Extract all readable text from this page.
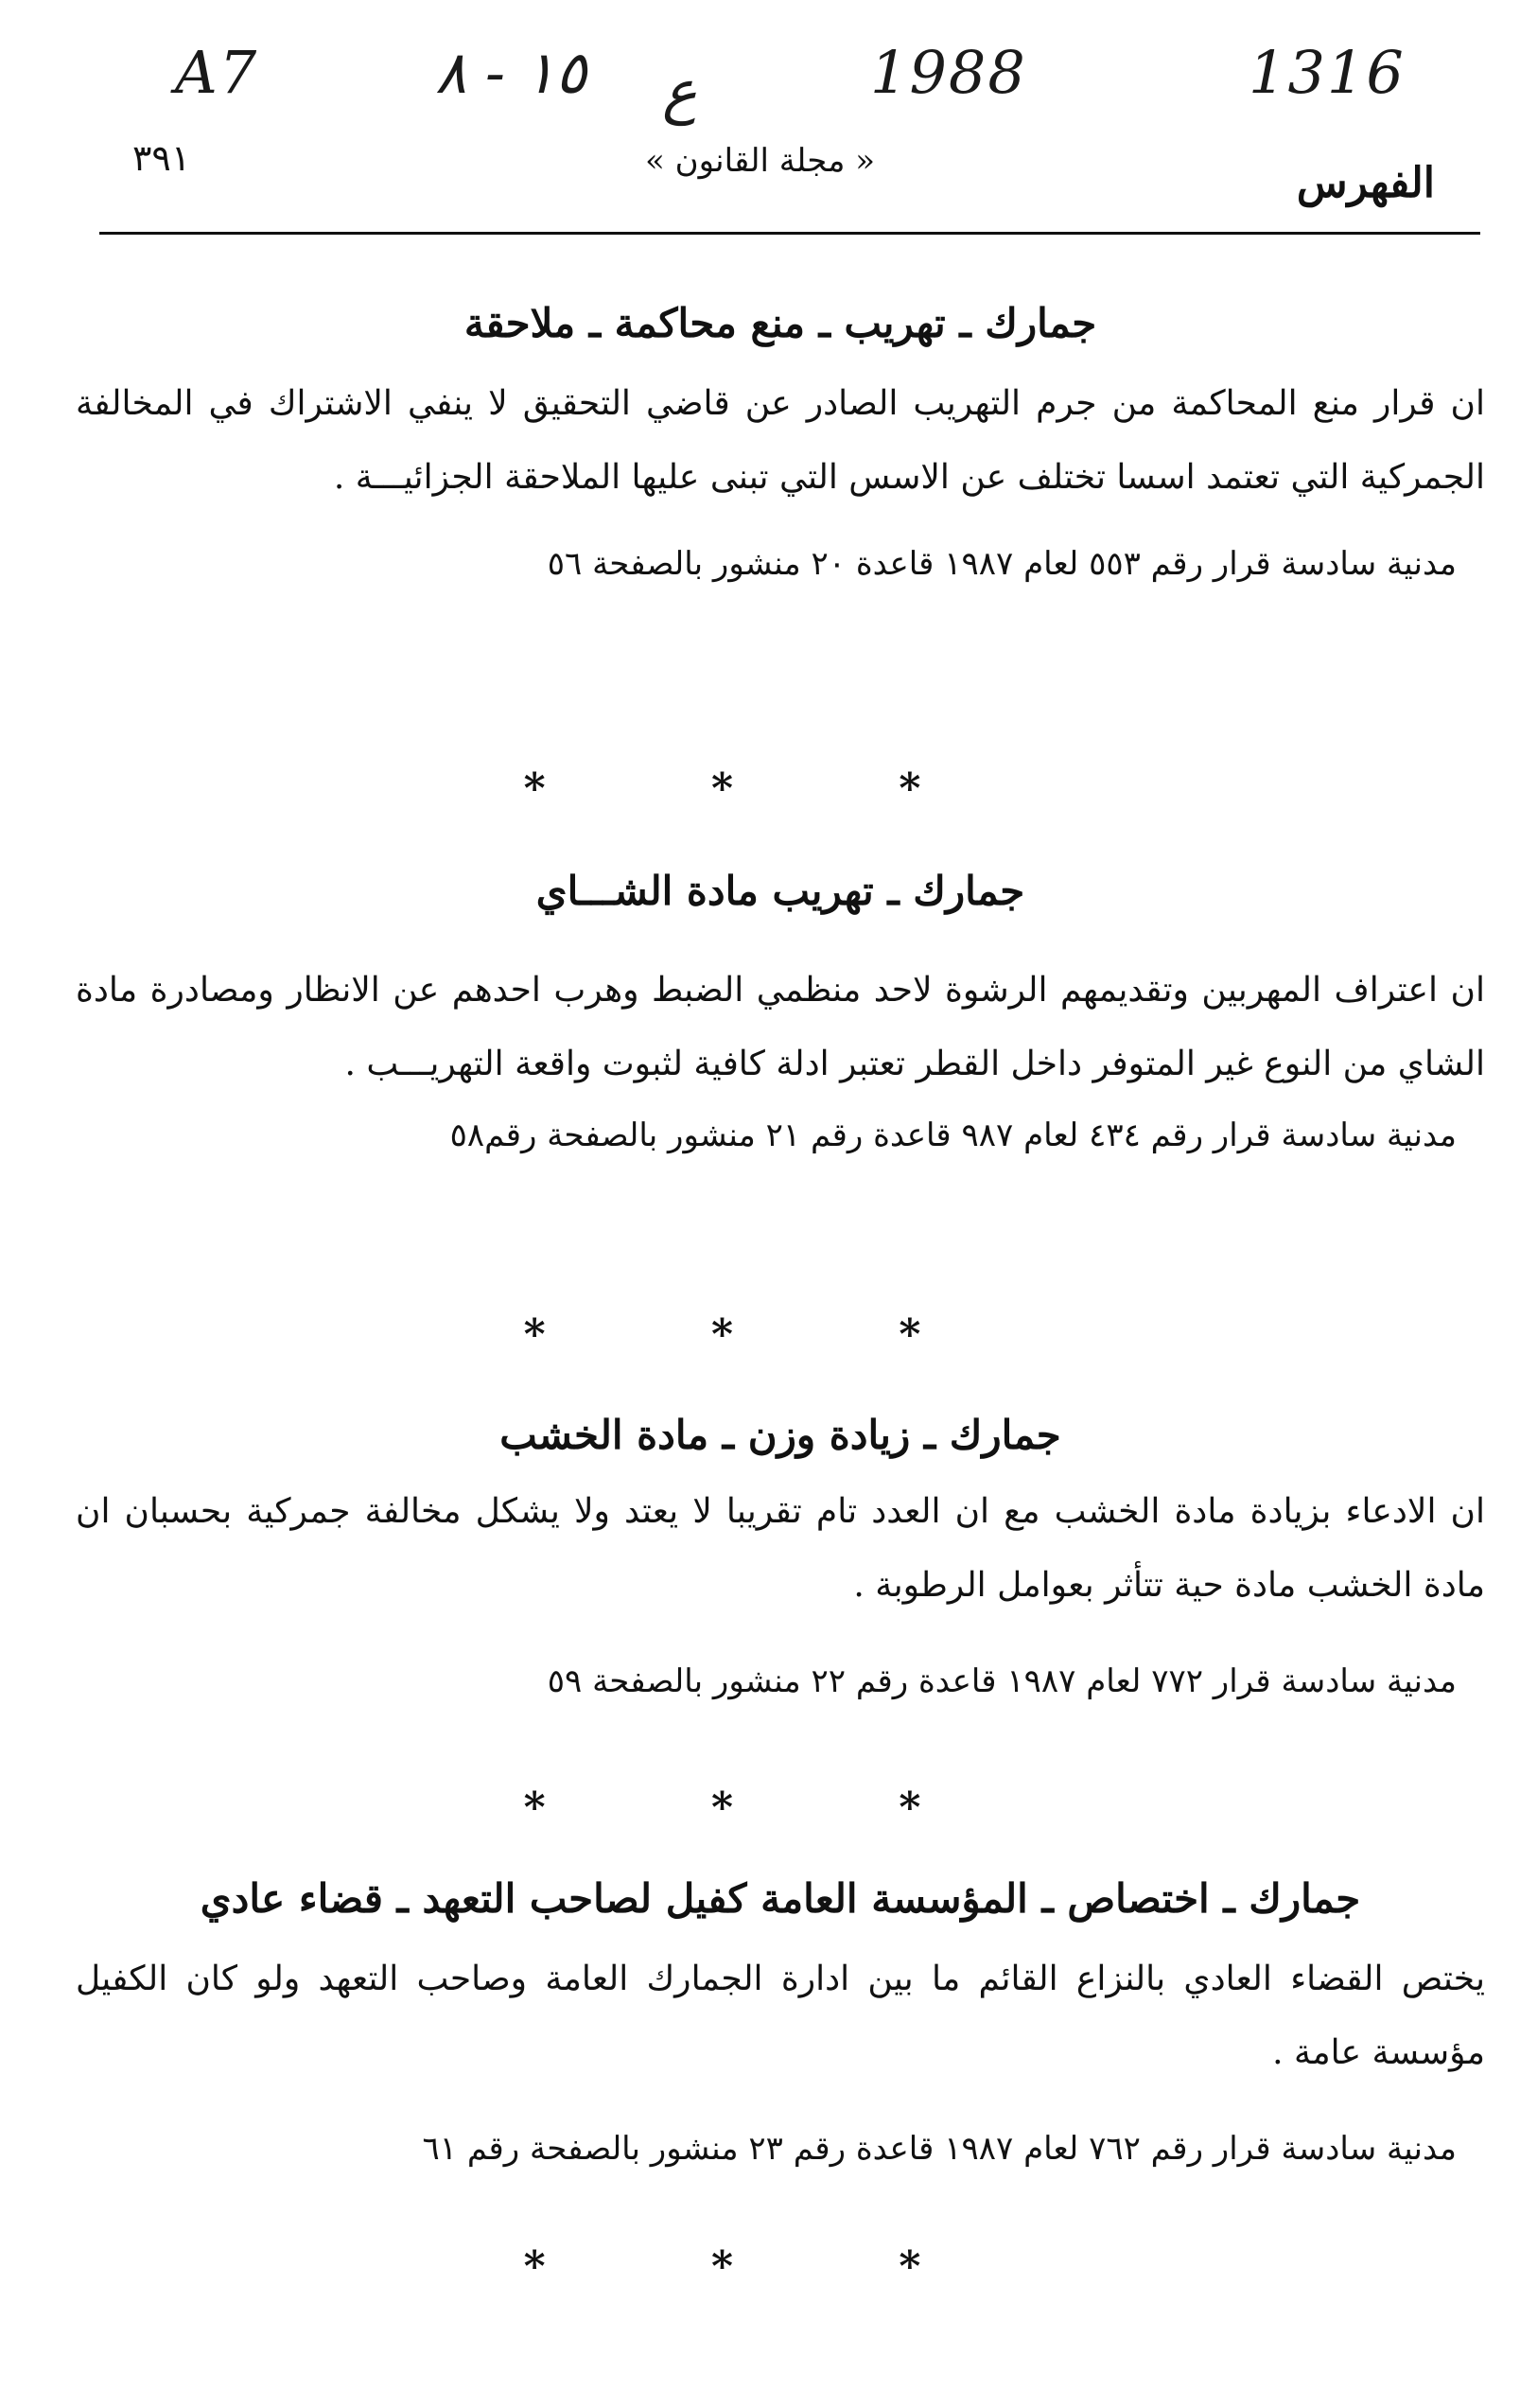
A7	١٥ - ٨ ع	1988	1316
٣٩١	« مجلة القانون »	الفهرس

جمارك ـ تهريب ـ منع محاكمة ـ ملاحقة

ان قرار منع المحاكمة من جرم التهريب الصادر عن قاضي التحقيق لا ينفي الاشتراك في المخالفة الجمركية التي تعتمد اسسا تختلف عن الاسس التي تبنى عليها الملاحقة الجزائيـــة .

مدنية سادسة قرار رقم ٥٥٣ لعام ١٩٨٧ قاعدة ٢٠ منشور بالصفحة ٥٦

* * *

جمارك ـ تهريب مادة الشـــاي

ان اعتراف المهربين وتقديمهم الرشوة لاحد منظمي الضبط وهرب احدهم عن الانظار ومصادرة مادة الشاي من النوع غير المتوفر داخل القطر تعتبر ادلة كافية لثبوت واقعة التهريـــب .

مدنية سادسة قرار رقم ٤٣٤ لعام ٩٨٧ قاعدة رقم ٢١ منشور بالصفحة رقم٥٨

* * *

جمارك ـ زيادة وزن ـ مادة الخشب

ان الادعاء بزيادة مادة الخشب مع ان العدد تام تقريبا لا يعتد ولا يشكل مخالفة جمركية بحسبان ان مادة الخشب مادة حية تتأثر بعوامل الرطوبة .

مدنية سادسة قرار ٧٧٢ لعام ١٩٨٧ قاعدة رقم ٢٢ منشور بالصفحة ٥٩

* * *

جمارك ـ اختصاص ـ المؤسسة العامة كفيل لصاحب التعهد ـ قضاء عادي

يختص القضاء العادي بالنزاع القائم ما بين ادارة الجمارك العامة وصاحب التعهد ولو كان الكفيل مؤسسة عامة .

مدنية سادسة قرار رقم ٧٦٢ لعام ١٩٨٧ قاعدة رقم ٢٣ منشور بالصفحة رقم ٦١

* * *
